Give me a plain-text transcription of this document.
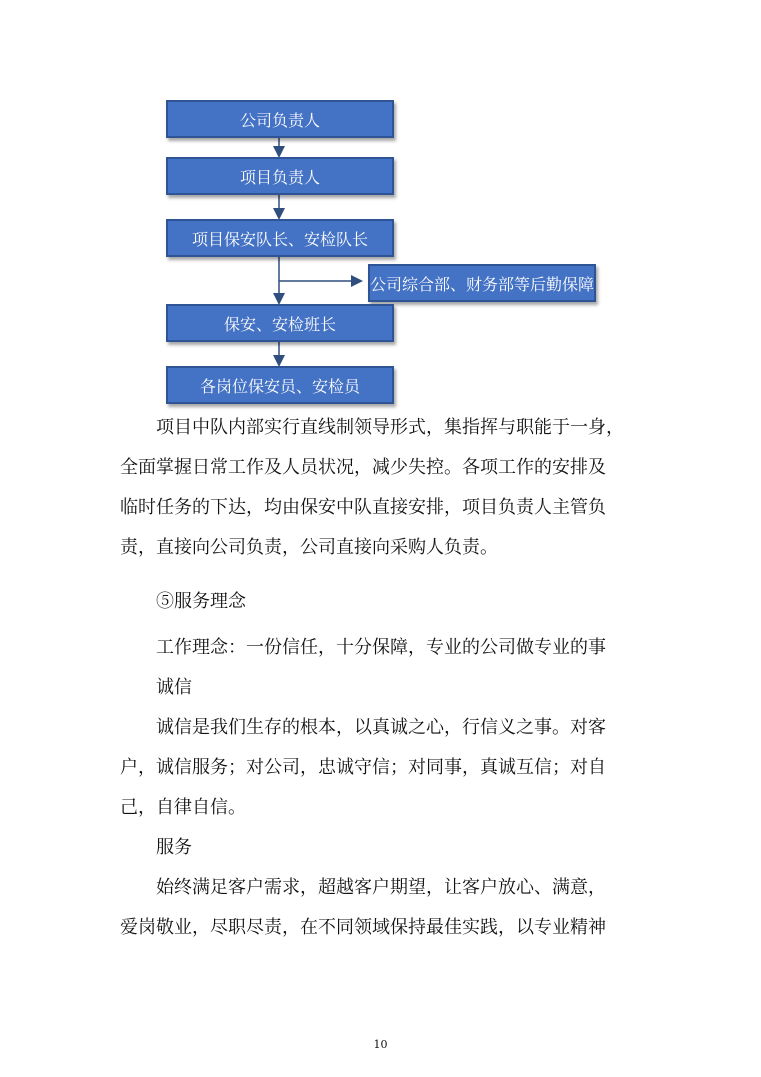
公司负责人
项目负责人
项目保安队长、安检队长
公司综合部、财务部等后勤保障
保安、安检班长
各岗位保安员、安检员
项目中队内部实行直线制领导形式，集指挥与职能于一身，
全面掌握日常工作及人员状况，减少失控。各项工作的安排及
临时任务的下达，均由保安中队直接安排，项目负责人主管负
责，直接向公司负责，公司直接向采购人负责。
⑤服务理念
工作理念：一份信任，十分保障，专业的公司做专业的事
诚信
诚信是我们生存的根本，以真诚之心，行信义之事。对客
户，诚信服务；对公司，忠诚守信；对同事，真诚互信；对自
己，自律自信。
服务
始终满足客户需求，超越客户期望，让客户放心、满意，
爱岗敬业，尽职尽责，在不同领域保持最佳实践，以专业精神
10
